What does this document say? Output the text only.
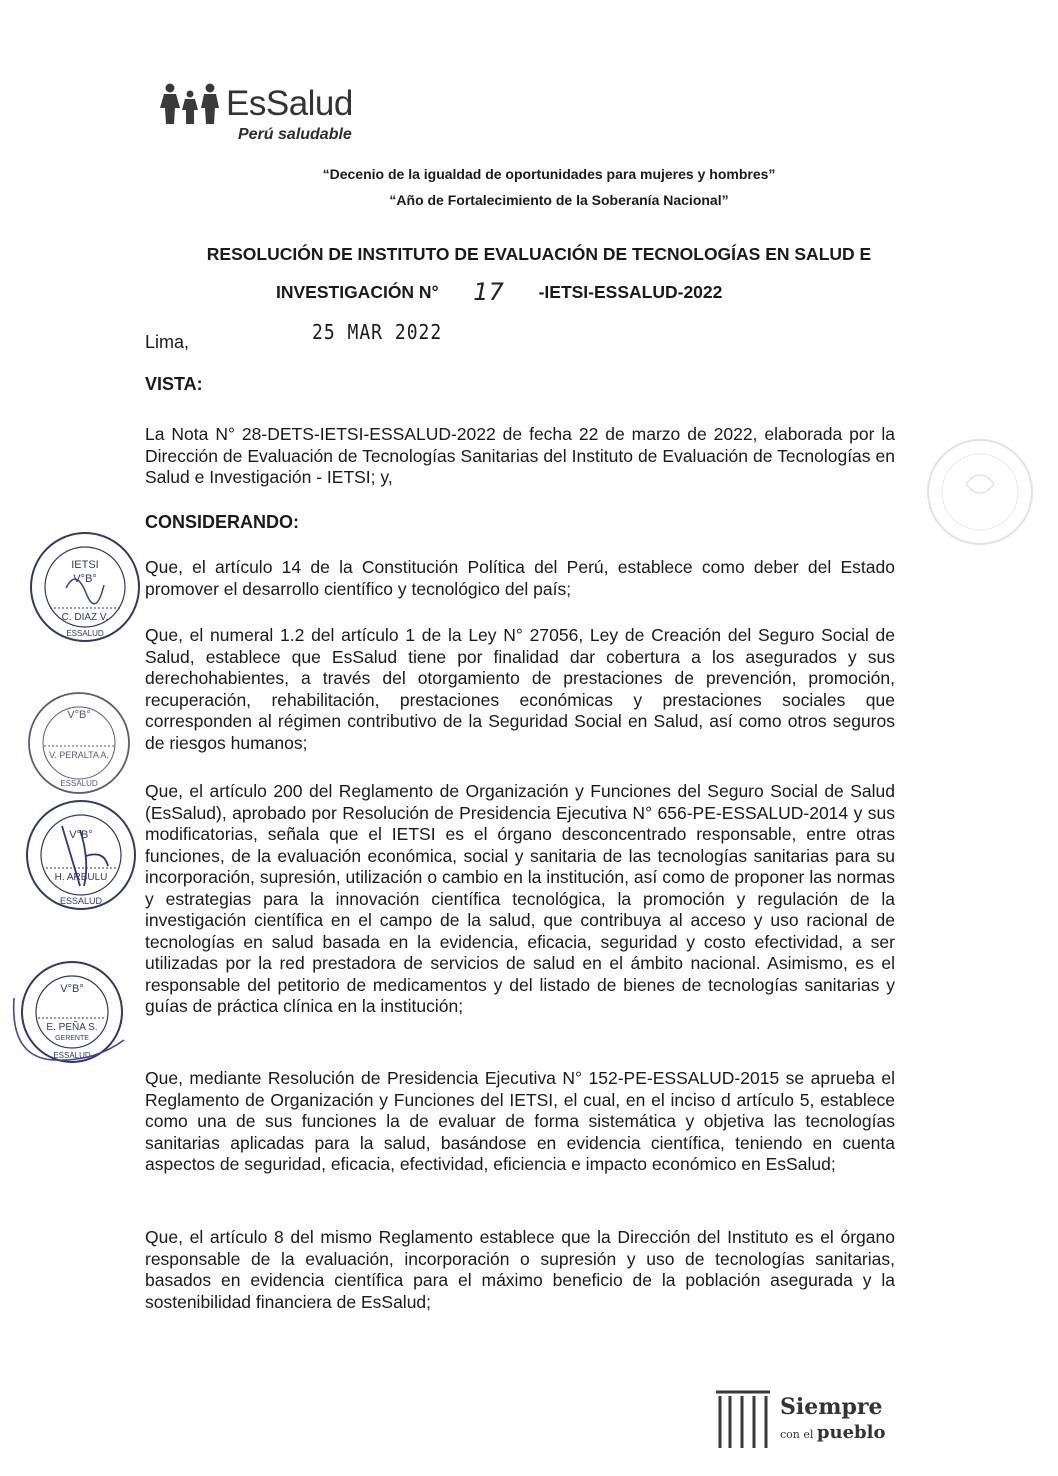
EsSalud
Perú saludable
“Decenio de la igualdad de oportunidades para mujeres y hombres”
“Año de Fortalecimiento de la Soberanía Nacional”
RESOLUCIÓN DE INSTITUTO DE EVALUACIÓN DE TECNOLOGÍAS EN SALUD E
INVESTIGACIÓN N° 17 -IETSI-ESSALUD-2022
Lima,	25 MAR 2022
VISTA:
La Nota N° 28-DETS-IETSI-ESSALUD-2022 de fecha 22 de marzo de 2022, elaborada por la Dirección de Evaluación de Tecnologías Sanitarias del Instituto de Evaluación de Tecnologías en Salud e Investigación - IETSI; y,
CONSIDERANDO:
Que, el artículo 14 de la Constitución Política del Perú, establece como deber del Estado promover el desarrollo científico y tecnológico del país;
Que, el numeral 1.2 del artículo 1 de la Ley N° 27056, Ley de Creación del Seguro Social de Salud, establece que EsSalud tiene por finalidad dar cobertura a los asegurados y sus derechohabientes, a través del otorgamiento de prestaciones de prevención, promoción, recuperación, rehabilitación, prestaciones económicas y prestaciones sociales que corresponden al régimen contributivo de la Seguridad Social en Salud, así como otros seguros de riesgos humanos;
Que, el artículo 200 del Reglamento de Organización y Funciones del Seguro Social de Salud (EsSalud), aprobado por Resolución de Presidencia Ejecutiva N° 656-PE-ESSALUD-2014 y sus modificatorias, señala que el IETSI es el órgano desconcentrado responsable, entre otras funciones, de la evaluación económica, social y sanitaria de las tecnologías sanitarias para su incorporación, supresión, utilización o cambio en la institución, así como de proponer las normas y estrategias para la innovación científica tecnológica, la promoción y regulación de la investigación científica en el campo de la salud, que contribuya al acceso y uso racional de tecnologías en salud basada en la evidencia, eficacia, seguridad y costo efectividad, a ser utilizadas por la red prestadora de servicios de salud en el ámbito nacional. Asimismo, es el responsable del petitorio de medicamentos y del listado de bienes de tecnologías sanitarias y guías de práctica clínica en la institución;
Que, mediante Resolución de Presidencia Ejecutiva N° 152-PE-ESSALUD-2015 se aprueba el Reglamento de Organización y Funciones del IETSI, el cual, en el inciso d artículo 5, establece como una de sus funciones la de evaluar de forma sistemática y objetiva las tecnologías sanitarias aplicadas para la salud, basándose en evidencia científica, teniendo en cuenta aspectos de seguridad, eficacia, efectividad, eficiencia e impacto económico en EsSalud;
Que, el artículo 8 del mismo Reglamento establece que la Dirección del Instituto es el órgano responsable de la evaluación, incorporación o supresión y uso de tecnologías sanitarias, basados en evidencia científica para el máximo beneficio de la población asegurada y la sostenibilidad financiera de EsSalud;
IETSI
V°B°
C. DIAZ V.
ESSALUD
V°B°
V. PERALTA A.
ESSALUD
V°B°
H. ARBULU
ESSALUD
V°B°
E. PEÑA S.
GERENTE
ESSALUD
Siempre
con el pueblo
